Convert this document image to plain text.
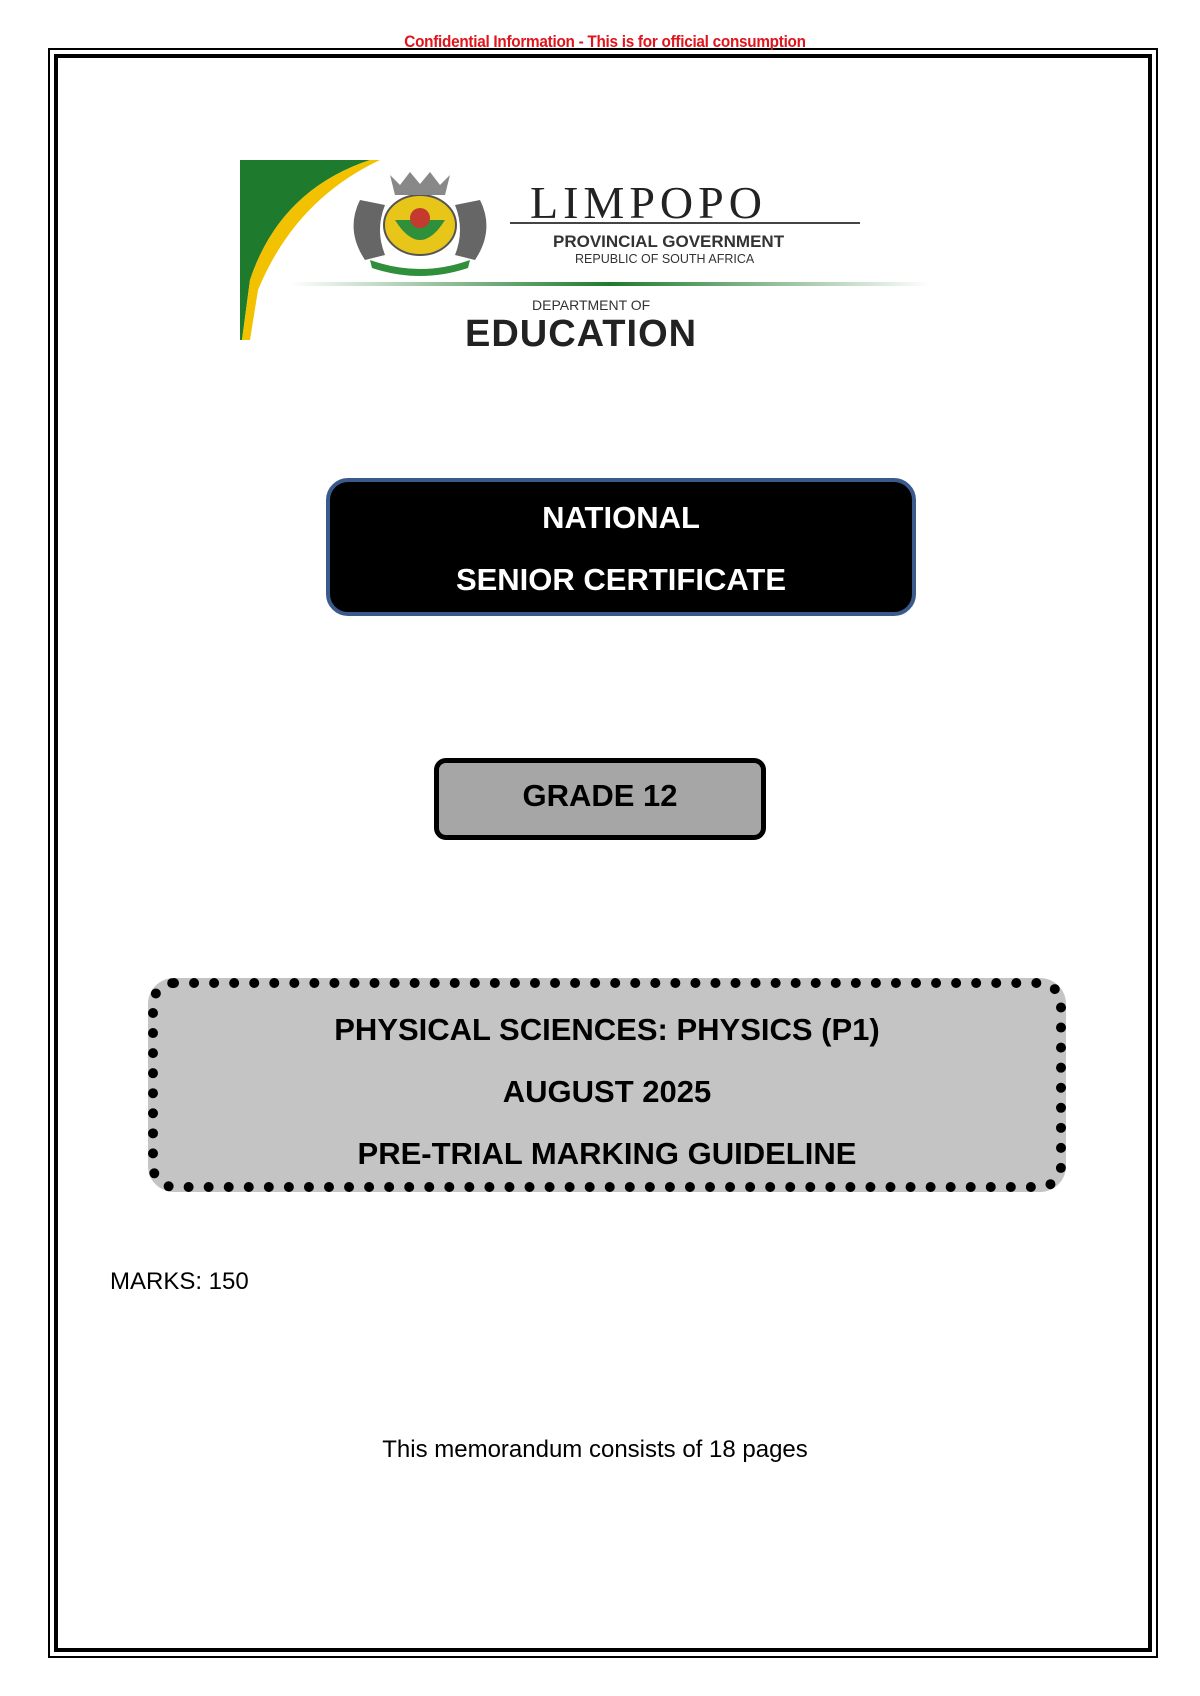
Confidential Information - This is for official consumption
LIMPOPO
PROVINCIAL GOVERNMENT
REPUBLIC OF SOUTH AFRICA
DEPARTMENT OF
EDUCATION
NATIONAL
SENIOR CERTIFICATE
GRADE 12
PHYSICAL SCIENCES: PHYSICS (P1)
AUGUST 2025
PRE-TRIAL MARKING GUIDELINE
MARKS: 150
This memorandum consists of 18 pages
